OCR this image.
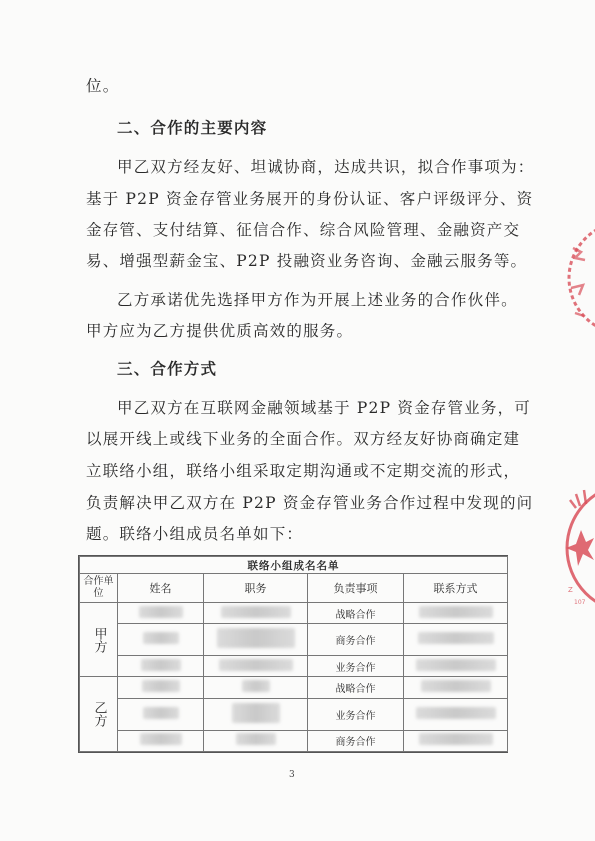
位。
二、合作的主要内容
甲乙双方经友好、坦诚协商，达成共识，拟合作事项为：
基于 P2P 资金存管业务展开的身份认证、客户评级评分、资
金存管、支付结算、征信合作、综合风险管理、金融资产交
易、增强型薪金宝、P2P 投融资业务咨询、金融云服务等。
乙方承诺优先选择甲方作为开展上述业务的合作伙伴。
甲方应为乙方提供优质高效的服务。
三、合作方式
甲乙双方在互联网金融领域基于 P2P 资金存管业务，可
以展开线上或线下业务的全面合作。双方经友好协商确定建
立联络小组，联络小组采取定期沟通或不定期交流的形式，
负责解决甲乙双方在 P2P 资金存管业务合作过程中发现的问
题。联络小组成员名单如下：
联络小组成名名单				
合作单位	姓名	职务	负责事项	联系方式
甲方			战略合作	
			商务合作	
			业务合作	
乙方			战略合作	
			业务合作	
			商务合作	
3
Z
107
